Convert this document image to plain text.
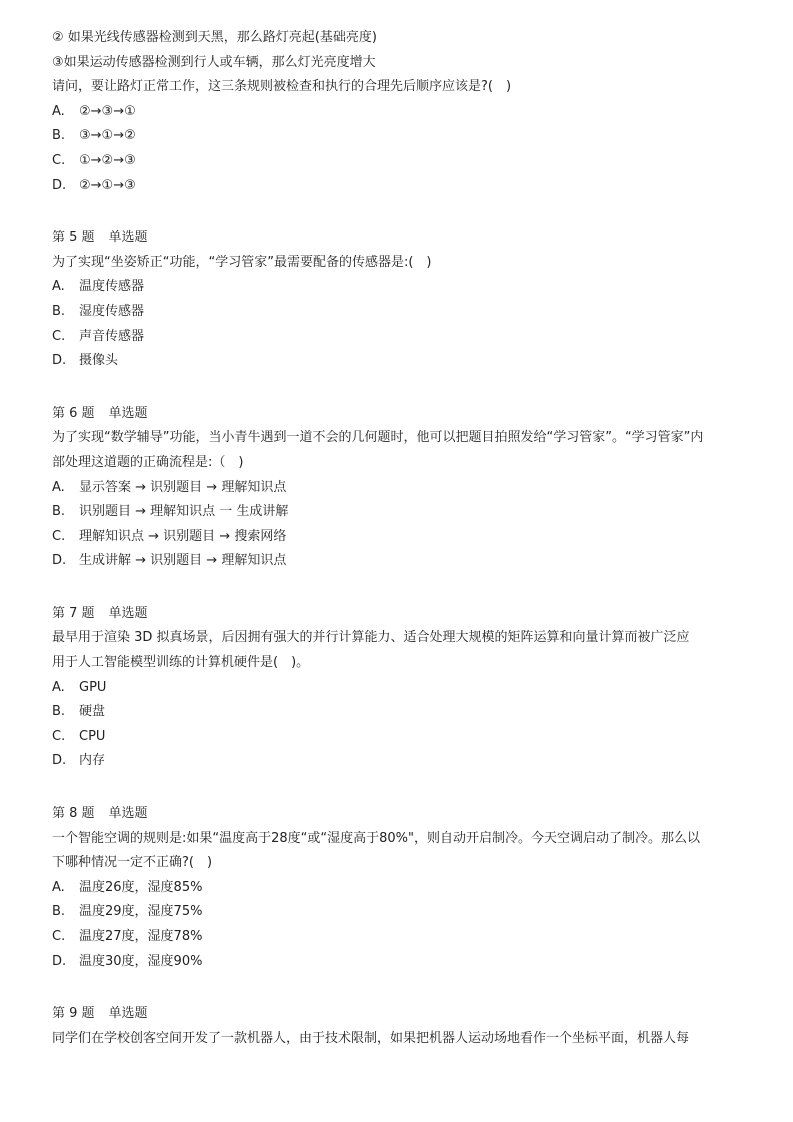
② 如果光线传感器检测到天黑，那么路灯亮起(基础亮度)
③如果运动传感器检测到行人或车辆，那么灯光亮度增大
请问，要让路灯正常工作，这三条规则被检查和执行的合理先后顺序应该是?(　)
A. ②→③→①
B. ③→①→②
C. ①→②→③
D. ②→①→③
第 5 题 单选题
为了实现“坐姿矫正“功能，“学习管家”最需要配备的传感器是:(　)
A. 温度传感器
B. 湿度传感器
C. 声音传感器
D. 摄像头
第 6 题 单选题
为了实现“数学辅导”功能，当小青牛遇到一道不会的几何题时，他可以把题目拍照发给“学习管家”。“学习管家”内
部处理这道题的正确流程是:（　)
A. 显示答案 → 识别题目 → 理解知识点
B. 识别题目 → 理解知识点 一 生成讲解
C. 理解知识点 → 识别题目 → 搜索网络
D. 生成讲解 → 识别题目 → 理解知识点
第 7 题 单选题
最早用于渲染 3D 拟真场景，后因拥有强大的并行计算能力、适合处理大规模的矩阵运算和向量计算而被广泛应
用于人工智能模型训练的计算机硬件是(　)。
A. GPU
B. 硬盘
C. CPU
D. 内存
第 8 题 单选题
一个智能空调的规则是:如果“温度高于28度“或“湿度高于80%"，则自动开启制冷。今天空调启动了制冷。那么以
下哪种情况一定不正确?(　)
A. 温度26度，湿度85%
B. 温度29度，湿度75%
C. 温度27度，湿度78%
D. 温度30度，湿度90%
第 9 题 单选题
同学们在学校创客空间开发了一款机器人，由于技术限制，如果把机器人运动场地看作一个坐标平面，机器人每
